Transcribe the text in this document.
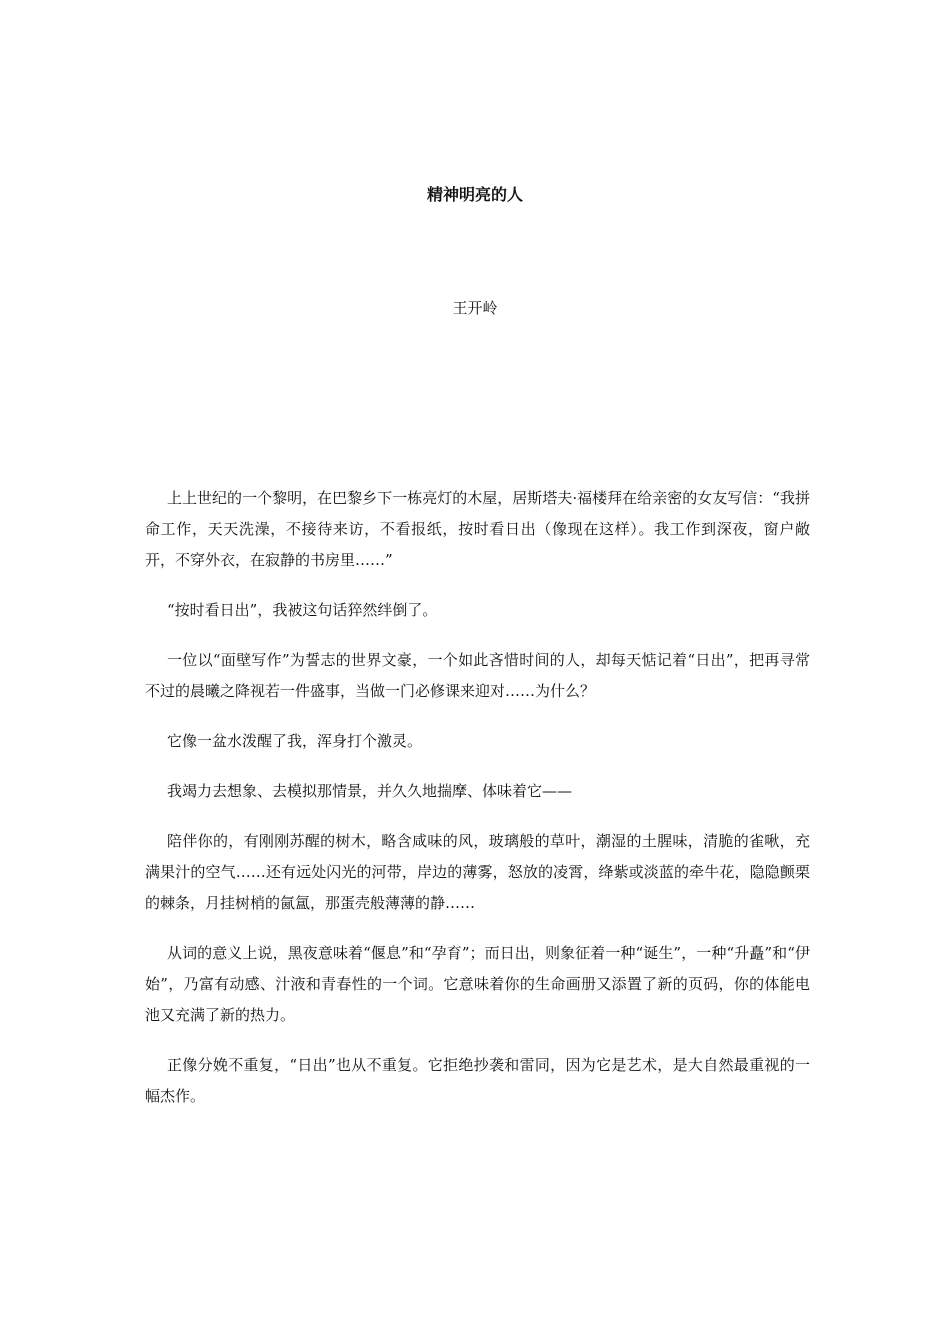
精神明亮的人
王开岭

上上世纪的一个黎明，在巴黎乡下一栋亮灯的木屋，居斯塔夫·福楼拜在给亲密的女友写信：“我拼命工作，天天洗澡，不接待来访，不看报纸，按时看日出（像现在这样）。我工作到深夜，窗户敞开，不穿外衣，在寂静的书房里……”

“按时看日出”，我被这句话猝然绊倒了。

一位以“面壁写作”为誓志的世界文豪，一个如此吝惜时间的人，却每天惦记着“日出”，把再寻常不过的晨曦之降视若一件盛事，当做一门必修课来迎对……为什么？

它像一盆水泼醒了我，浑身打个激灵。

我竭力去想象、去模拟那情景，并久久地揣摩、体味着它——

陪伴你的，有刚刚苏醒的树木，略含咸味的风，玻璃般的草叶，潮湿的土腥味，清脆的雀啾，充满果汁的空气……还有远处闪光的河带，岸边的薄雾，怒放的凌霄，绛紫或淡蓝的牵牛花，隐隐颤栗的棘条，月挂树梢的氤氲，那蛋壳般薄薄的静……

从词的意义上说，黑夜意味着“偃息”和“孕育”；而日出，则象征着一种“诞生”，一种“升矗”和“伊始”，乃富有动感、汁液和青春性的一个词。它意味着你的生命画册又添置了新的页码，你的体能电池又充满了新的热力。

正像分娩不重复，“日出”也从不重复。它拒绝抄袭和雷同，因为它是艺术，是大自然最重视的一幅杰作。
